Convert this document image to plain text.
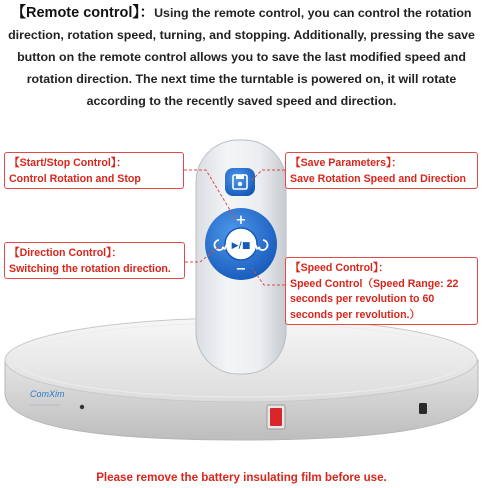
【Remote control】：Using the remote control, you can control the rotation direction, rotation speed, turning, and stopping. Additionally, pressing the save button on the remote control allows you to save the last modified speed and rotation direction. The next time the turntable is powered on, it will rotate according to the recently saved speed and direction.
ComXim
▶/■
+
−
【Start/Stop Control】：
Control Rotation and Stop
【Save Parameters】：
Save Rotation Speed and Direction
【Direction Control】：
Switching the rotation direction.	【Speed Control】：
Speed Control（Speed Range: 22 seconds per revolution to 60 seconds per revolution.）
Please remove the battery insulating film before use.
